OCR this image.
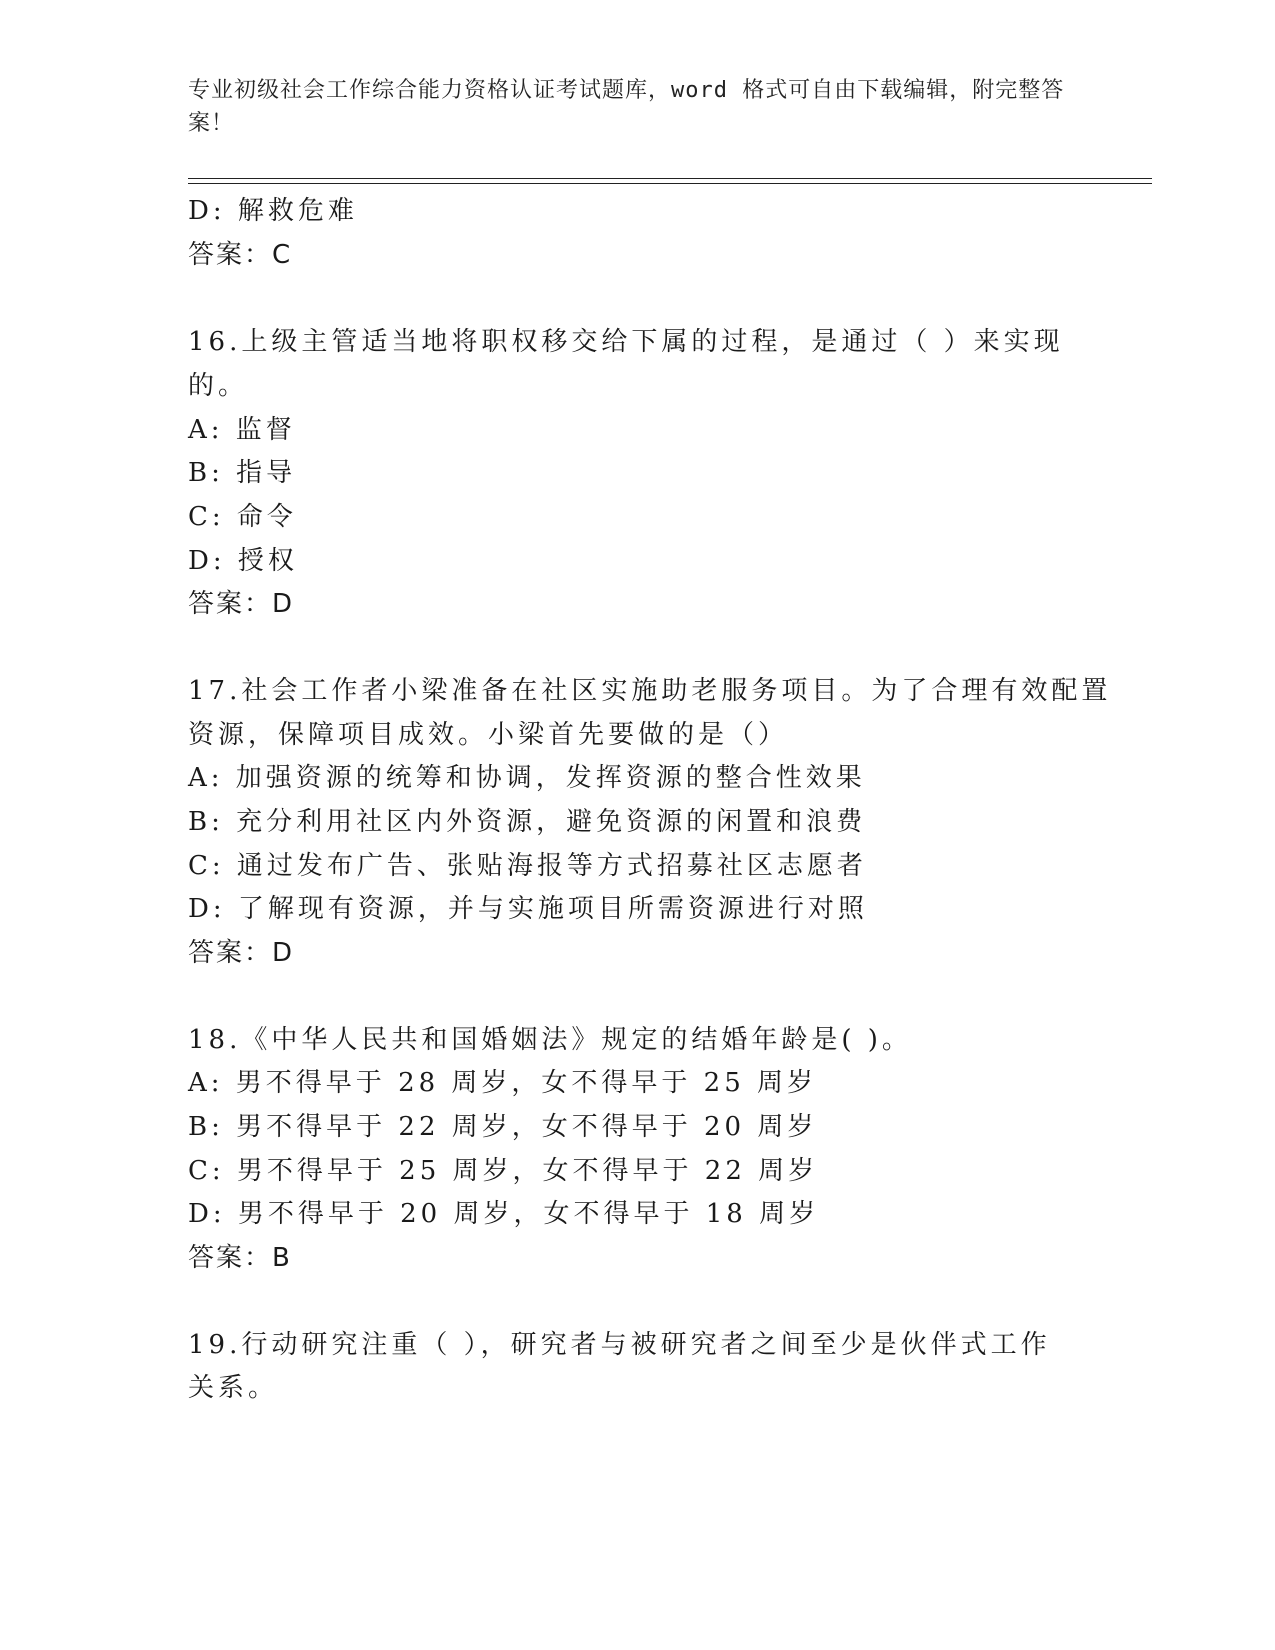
专业初级社会工作综合能力资格认证考试题库，word 格式可自由下载编辑，附完整答案！
D: 解救危难
答案：C
16.上级主管适当地将职权移交给下属的过程，是通过（ ）来实现
的。
A: 监督
B: 指导
C: 命令
D: 授权
答案：D
17.社会工作者小梁准备在社区实施助老服务项目。为了合理有效配置
资源，保障项目成效。小梁首先要做的是（）
A: 加强资源的统筹和协调，发挥资源的整合性效果
B: 充分利用社区内外资源，避免资源的闲置和浪费
C: 通过发布广告、张贴海报等方式招募社区志愿者
D: 了解现有资源，并与实施项目所需资源进行对照
答案：D
18.《中华人民共和国婚姻法》规定的结婚年龄是( )。
A: 男不得早于 28 周岁，女不得早于 25 周岁
B: 男不得早于 22 周岁，女不得早于 20 周岁
C: 男不得早于 25 周岁，女不得早于 22 周岁
D: 男不得早于 20 周岁，女不得早于 18 周岁
答案：B
19.行动研究注重（ ），研究者与被研究者之间至少是伙伴式工作
关系。
